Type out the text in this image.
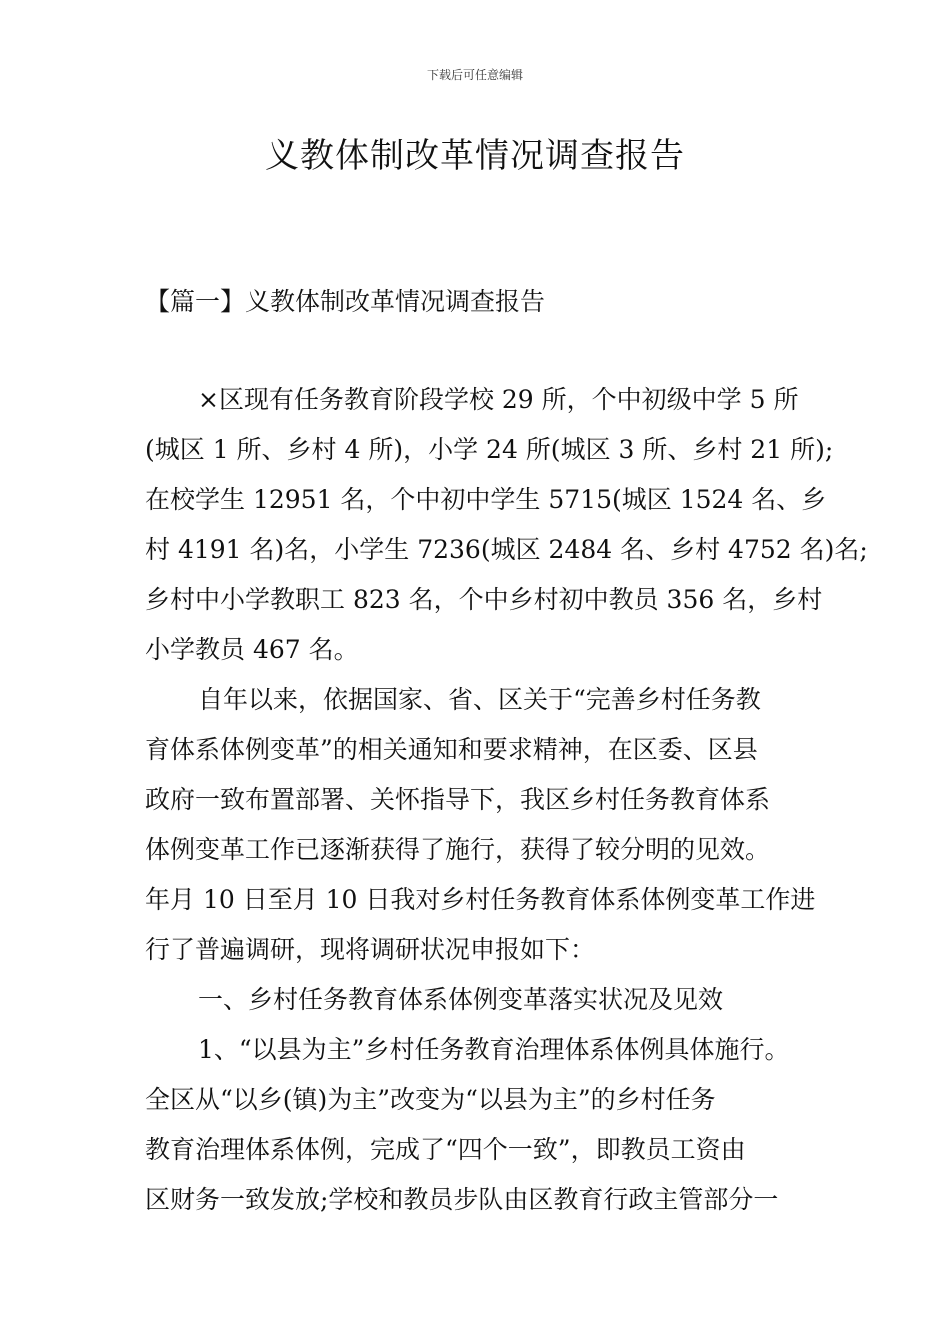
下载后可任意编辑
义教体制改革情况调查报告
【篇一】义教体制改革情况调查报告
×区现有任务教育阶段学校 29 所，个中初级中学 5 所
(城区 1 所、乡村 4 所)，小学 24 所(城区 3 所、乡村 21 所);
在校学生 12951 名，个中初中学生 5715(城区 1524 名、乡
村 4191 名)名，小学生 7236(城区 2484 名、乡村 4752 名)名;
乡村中小学教职工 823 名，个中乡村初中教员 356 名，乡村
小学教员 467 名。
自年以来，依据国家、省、区关于“完善乡村任务教
育体系体例变革”的相关通知和要求精神，在区委、区县
政府一致布置部署、关怀指导下，我区乡村任务教育体系
体例变革工作已逐渐获得了施行，获得了较分明的见效。
年月 10 日至月 10 日我对乡村任务教育体系体例变革工作进
行了普遍调研，现将调研状况申报如下：
一、乡村任务教育体系体例变革落实状况及见效
1、“以县为主”乡村任务教育治理体系体例具体施行。
全区从“以乡(镇)为主”改变为“以县为主”的乡村任务
教育治理体系体例，完成了“四个一致”，即教员工资由
区财务一致发放;学校和教员步队由区教育行政主管部分一
